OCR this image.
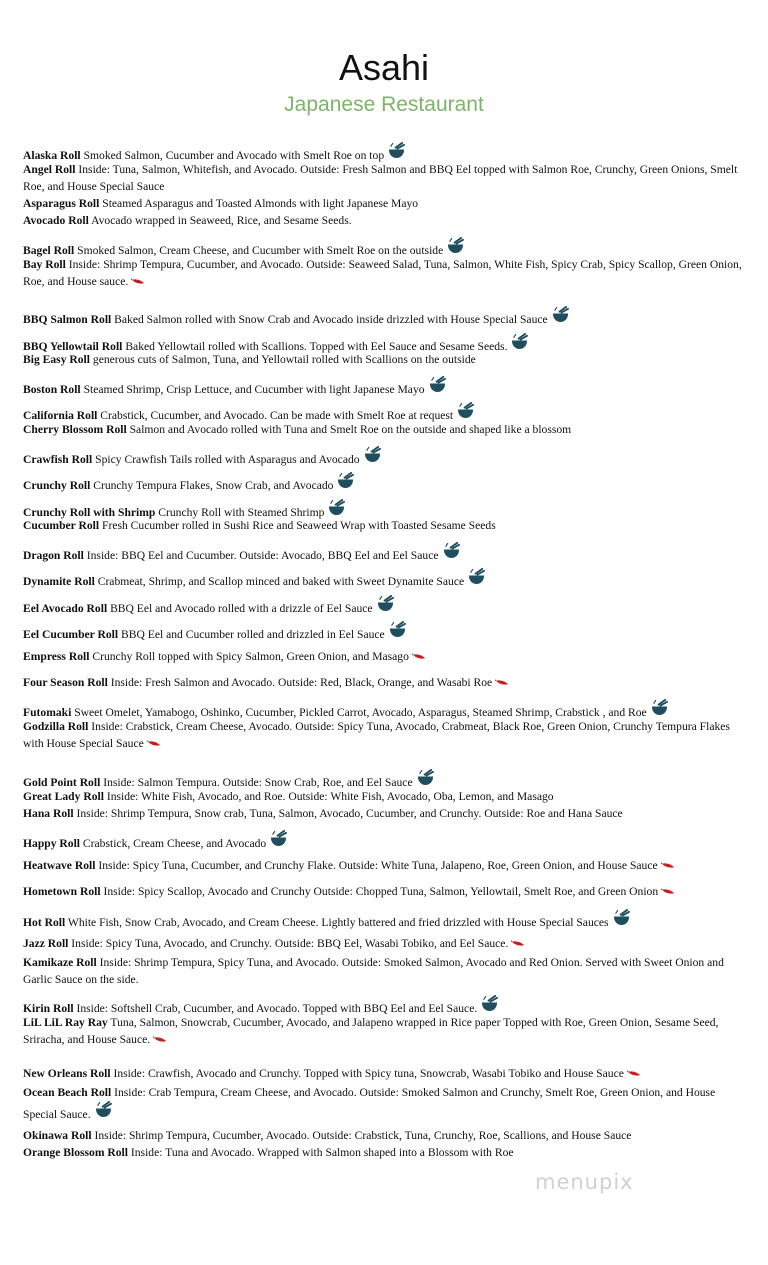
Asahi
Japanese Restaurant
Alaska Roll Smoked Salmon, Cucumber and Avocado with Smelt Roe on top
Angel Roll Inside: Tuna, Salmon, Whitefish, and Avocado. Outside: Fresh Salmon and BBQ Eel topped with Salmon Roe, Crunchy, Green Onions, Smelt Roe, and House Special Sauce
Asparagus Roll Steamed Asparagus and Toasted Almonds with light Japanese Mayo
Avocado Roll Avocado wrapped in Seaweed, Rice, and Sesame Seeds.
Bagel Roll Smoked Salmon, Cream Cheese, and Cucumber with Smelt Roe on the outside
Bay Roll Inside: Shrimp Tempura, Cucumber, and Avocado. Outside: Seaweed Salad, Tuna, Salmon, White Fish, Spicy Crab, Spicy Scallop, Green Onion, Roe, and House sauce.
BBQ Salmon Roll Baked Salmon rolled with Snow Crab and Avocado inside drizzled with House Special Sauce
BBQ Yellowtail Roll Baked Yellowtail rolled with Scallions. Topped with Eel Sauce and Sesame Seeds.
Big Easy Roll generous cuts of Salmon, Tuna, and Yellowtail rolled with Scallions on the outside
Boston Roll Steamed Shrimp, Crisp Lettuce, and Cucumber with light Japanese Mayo
California Roll Crabstick, Cucumber, and Avocado. Can be made with Smelt Roe at request
Cherry Blossom Roll Salmon and Avocado rolled with Tuna and Smelt Roe on the outside and shaped like a blossom
Crawfish Roll Spicy Crawfish Tails rolled with Asparagus and Avocado
Crunchy Roll Crunchy Tempura Flakes, Snow Crab, and Avocado
Crunchy Roll with Shrimp Crunchy Roll with Steamed Shrimp
Cucumber Roll Fresh Cucumber rolled in Sushi Rice and Seaweed Wrap with Toasted Sesame Seeds
Dragon Roll Inside: BBQ Eel and Cucumber. Outside: Avocado, BBQ Eel and Eel Sauce
Dynamite Roll Crabmeat, Shrimp, and Scallop minced and baked with Sweet Dynamite Sauce
Eel Avocado Roll BBQ Eel and Avocado rolled with a drizzle of Eel Sauce
Eel Cucumber Roll BBQ Eel and Cucumber rolled and drizzled in Eel Sauce
Empress Roll Crunchy Roll topped with Spicy Salmon, Green Onion, and Masago
Four Season Roll Inside: Fresh Salmon and Avocado. Outside: Red, Black, Orange, and Wasabi Roe
Futomaki Sweet Omelet, Yamabogo, Oshinko, Cucumber, Pickled Carrot, Avocado, Asparagus, Steamed Shrimp, Crabstick , and Roe
Godzilla Roll Inside: Crabstick, Cream Cheese, Avocado. Outside: Spicy Tuna, Avocado, Crabmeat, Black Roe, Green Onion, Crunchy Tempura Flakes with House Special Sauce
Gold Point Roll Inside: Salmon Tempura. Outside: Snow Crab, Roe, and Eel Sauce
Great Lady Roll Inside: White Fish, Avocado, and Roe. Outside: White Fish, Avocado, Oba, Lemon, and Masago
Hana Roll Inside: Shrimp Tempura, Snow crab, Tuna, Salmon, Avocado, Cucumber, and Crunchy. Outside: Roe and Hana Sauce
Happy Roll Crabstick, Cream Cheese, and Avocado
Heatwave Roll Inside: Spicy Tuna, Cucumber, and Crunchy Flake. Outside: White Tuna, Jalapeno, Roe, Green Onion, and House Sauce
Hometown Roll Inside: Spicy Scallop, Avocado and Crunchy Outside: Chopped Tuna, Salmon, Yellowtail, Smelt Roe, and Green Onion
Hot Roll White Fish, Snow Crab, Avocado, and Cream Cheese. Lightly battered and fried drizzled with House Special Sauces
Jazz Roll Inside: Spicy Tuna, Avocado, and Crunchy. Outside: BBQ Eel, Wasabi Tobiko, and Eel Sauce.
Kamikaze Roll Inside: Shrimp Tempura, Spicy Tuna, and Avocado. Outside: Smoked Salmon, Avocado and Red Onion. Served with Sweet Onion and Garlic Sauce on the side.
Kirin Roll Inside: Softshell Crab, Cucumber, and Avocado. Topped with BBQ Eel and Eel Sauce.
LiL LiL Ray Ray Tuna, Salmon, Snowcrab, Cucumber, Avocado, and Jalapeno wrapped in Rice paper Topped with Roe, Green Onion, Sesame Seed, Sriracha, and House Sauce.
New Orleans Roll Inside: Crawfish, Avocado and Crunchy. Topped with Spicy tuna, Snowcrab, Wasabi Tobiko and House Sauce
Ocean Beach Roll Inside: Crab Tempura, Cream Cheese, and Avocado. Outside: Smoked Salmon and Crunchy, Smelt Roe, Green Onion, and House Special Sauce.
Okinawa Roll Inside: Shrimp Tempura, Cucumber, Avocado. Outside: Crabstick, Tuna, Crunchy, Roe, Scallions, and House Sauce
Orange Blossom Roll Inside: Tuna and Avocado. Wrapped with Salmon shaped into a Blossom with Roe
menupix
